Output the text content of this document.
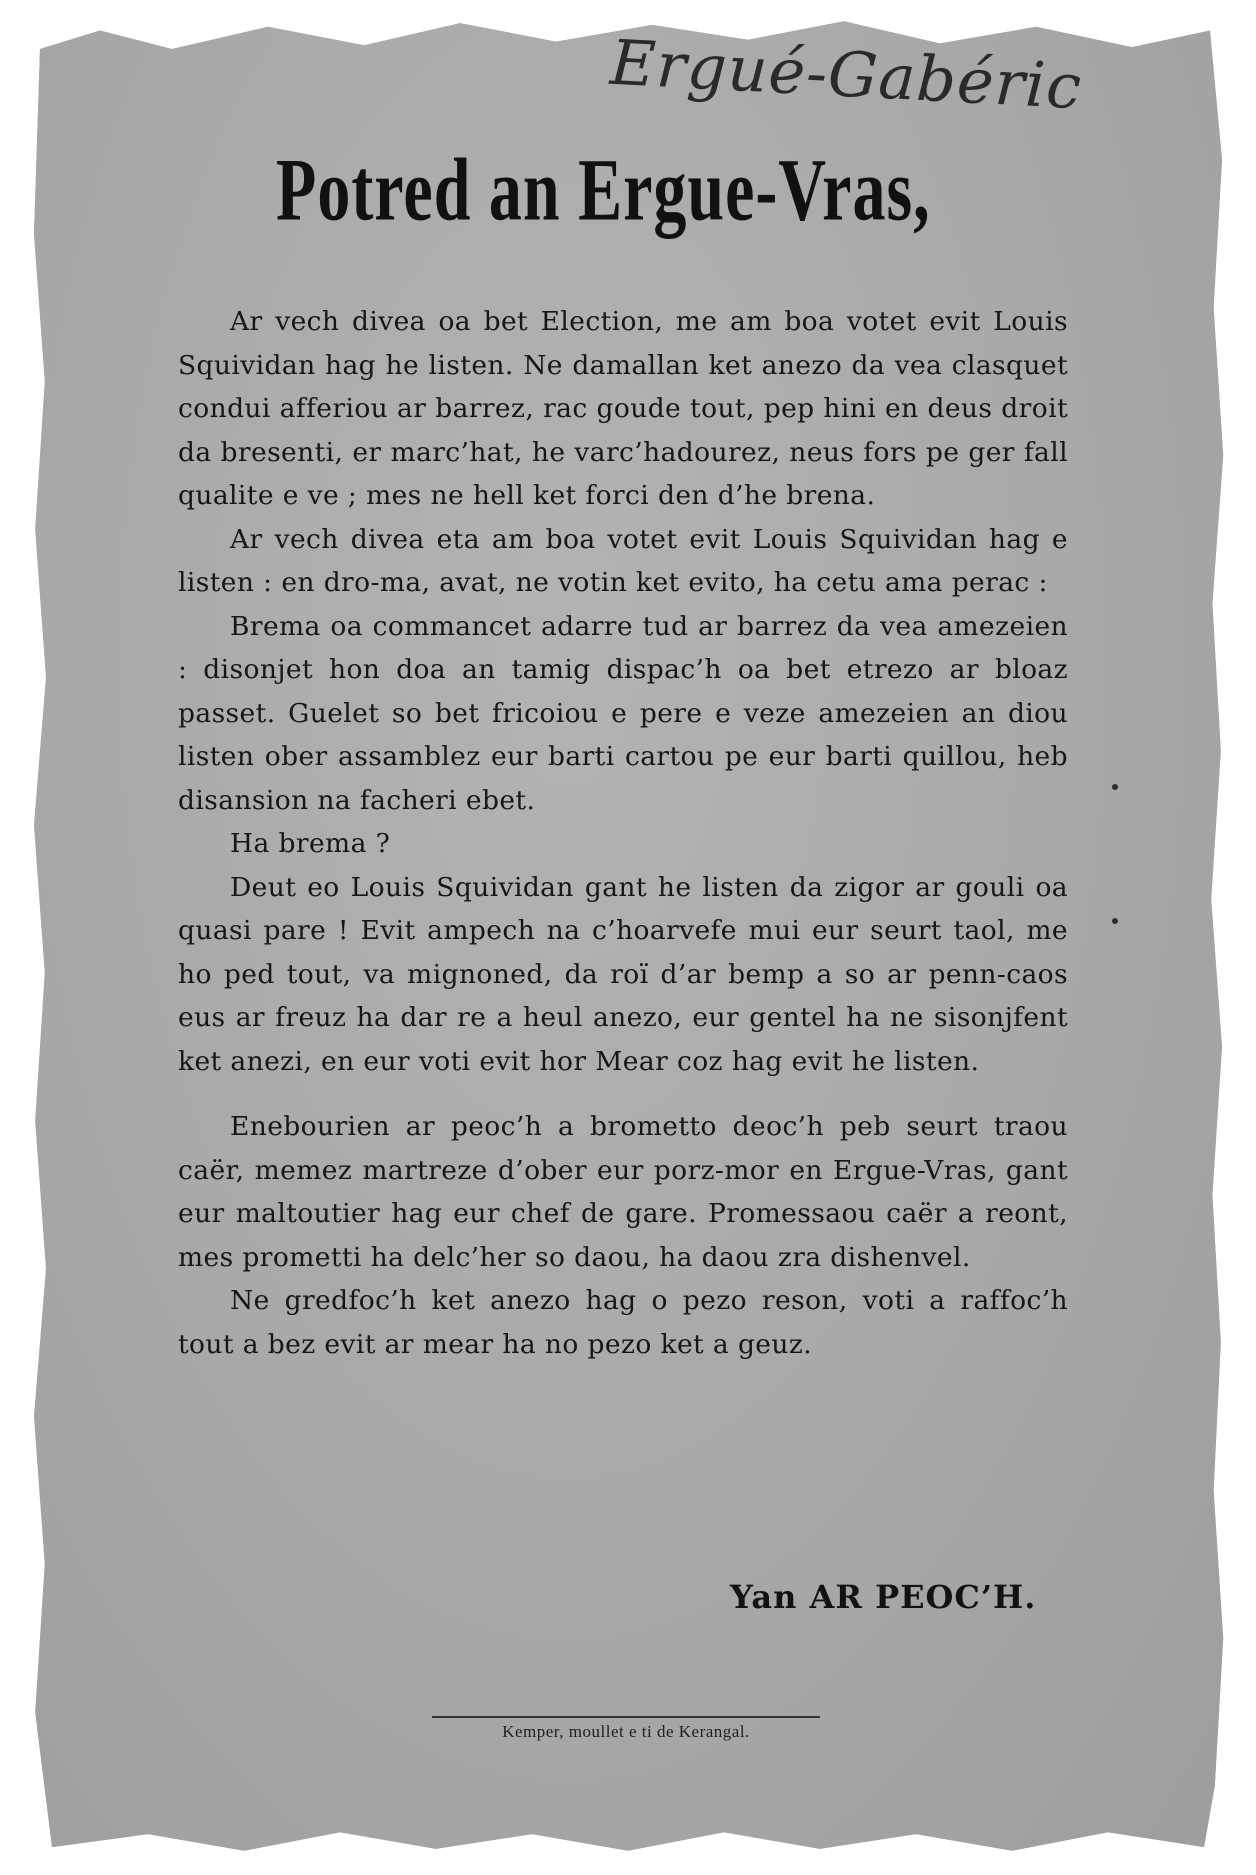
Ergué-Gabéric
Potred an Ergue-Vras,

Ar vech divea oa bet Election, me am boa votet evit Louis Squividan hag he listen. Ne damallan ket anezo da vea clasquet condui afferiou ar barrez, rac goude tout, pep hini en deus droit da bresenti, er marc’hat, he varc’hadourez, neus fors pe ger fall qualite e ve ; mes ne hell ket forci den d’he brena.

Ar vech divea eta am boa votet evit Louis Squividan hag e listen : en dro-ma, avat, ne votin ket evito, ha cetu ama perac :

Brema oa commancet adarre tud ar barrez da vea amezeien : disonjet hon doa an tamig dispac’h oa bet etrezo ar bloaz passet. Guelet so bet fricoiou e pere e veze amezeien an diou listen ober assamblez eur barti cartou pe eur barti quillou, heb disansion na facheri ebet.

Ha brema ?

Deut eo Louis Squividan gant he listen da zigor ar gouli oa quasi pare ! Evit ampech na c’hoarvefe mui eur seurt taol, me ho ped tout, va mignoned, da roï d’ar bemp a so ar penn-caos eus ar freuz ha dar re a heul anezo, eur gentel ha ne sisonjfent ket anezi, en eur voti evit hor Mear coz hag evit he listen.

Enebourien ar peoc’h a brometto deoc’h peb seurt traou caër, memez martreze d’ober eur porz-mor en Ergue-Vras, gant eur maltoutier hag eur chef de gare. Promessaou caër a reont, mes prometti ha delc’her so daou, ha daou zra dishenvel.

Ne gredfoc’h ket anezo hag o pezo reson, voti a raffoc’h tout a bez evit ar mear ha no pezo ket a geuz.

Yan AR PEOC’H.
Kemper, moullet e ti de Kerangal.
